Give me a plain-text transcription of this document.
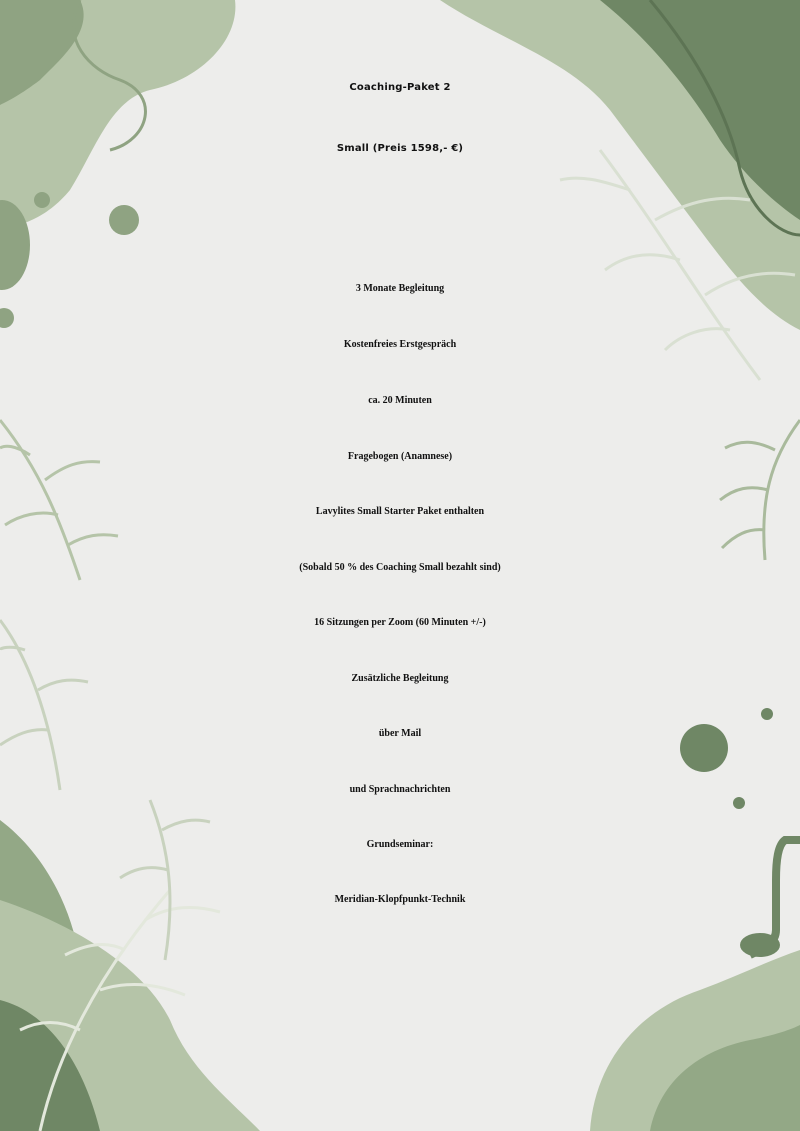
Coaching-Paket 2
Small (Preis 1598,- €)
3 Monate Begleitung
Kostenfreies Erstgespräch
ca. 20 Minuten
Fragebogen (Anamnese)
Lavylites Small Starter Paket enthalten
(Sobald 50 % des Coaching Small bezahlt sind)
16 Sitzungen per Zoom (60 Minuten +/-)
Zusätzliche Begleitung
über Mail
und Sprachnachrichten
Grundseminar:
Meridian-Klopfpunkt-Technik
